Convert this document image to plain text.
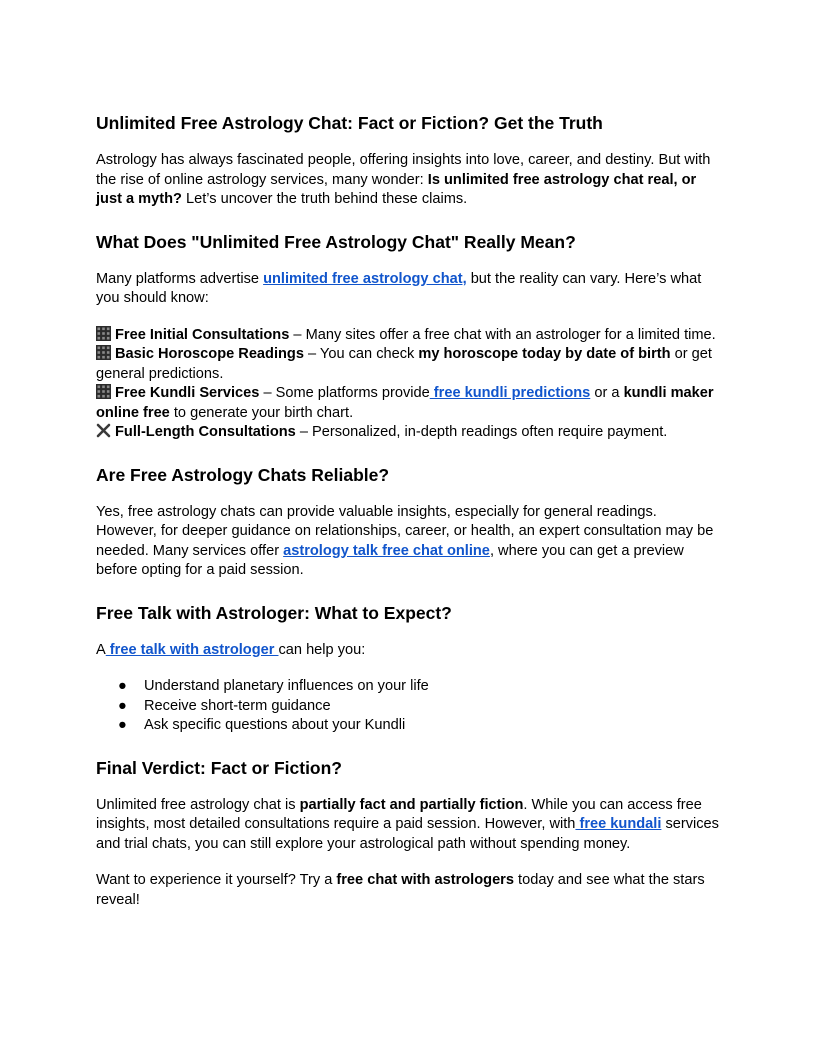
Unlimited Free Astrology Chat: Fact or Fiction? Get the Truth

Astrology has always fascinated people, offering insights into love, career, and destiny. But with the rise of online astrology services, many wonder: Is unlimited free astrology chat real, or just a myth? Let’s uncover the truth behind these claims.

What Does "Unlimited Free Astrology Chat" Really Mean?

Many platforms advertise unlimited free astrology chat, but the reality can vary. Here’s what you should know:

Free Initial Consultations – Many sites offer a free chat with an astrologer for a limited time.

Basic Horoscope Readings – You can check my horoscope today by date of birth or get general predictions.

Free Kundli Services – Some platforms provide free kundli predictions or a kundli maker online free to generate your birth chart.

Full-Length Consultations – Personalized, in-depth readings often require payment.

Are Free Astrology Chats Reliable?

Yes, free astrology chats can provide valuable insights, especially for general readings. However, for deeper guidance on relationships, career, or health, an expert consultation may be needed. Many services offer astrology talk free chat online, where you can get a preview before opting for a paid session.

Free Talk with Astrologer: What to Expect?

A free talk with astrologer can help you:

● Understand planetary influences on your life
● Receive short-term guidance
● Ask specific questions about your Kundli
Final Verdict: Fact or Fiction?

Unlimited free astrology chat is partially fact and partially fiction. While you can access free insights, most detailed consultations require a paid session. However, with free kundali services and trial chats, you can still explore your astrological path without spending money.

Want to experience it yourself? Try a free chat with astrologers today and see what the stars reveal!
